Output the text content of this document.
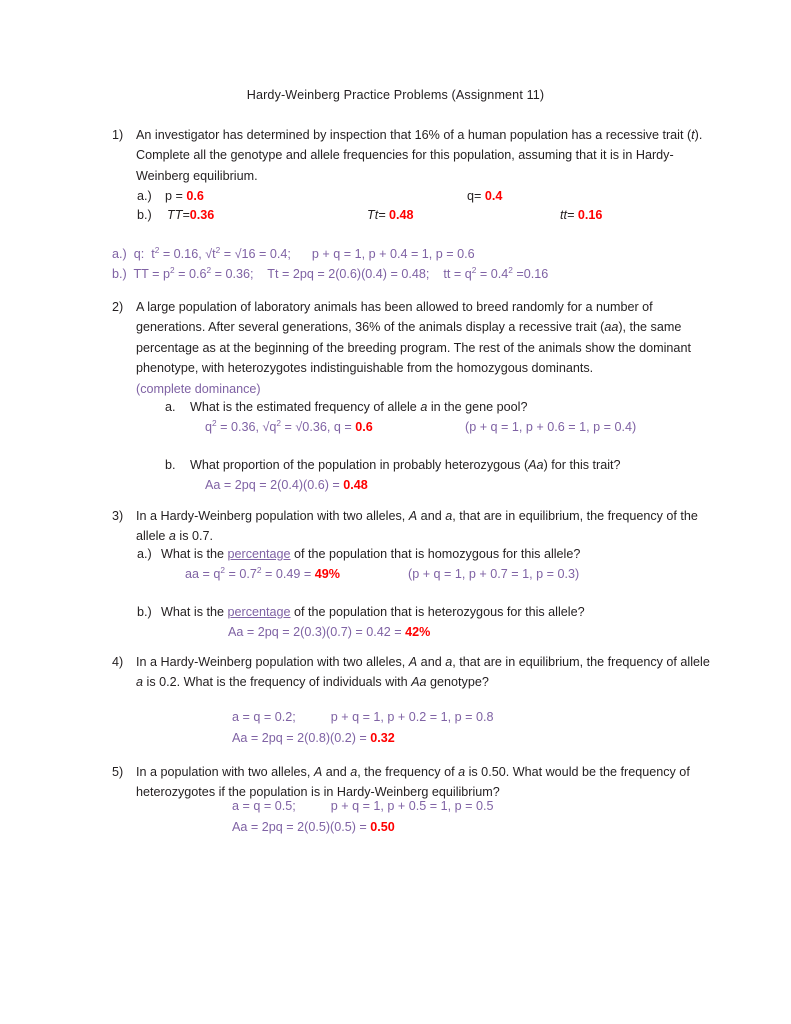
Hardy-Weinberg Practice Problems (Assignment 11)
1)	An investigator has determined by inspection that 16% of a human population has a recessive trait (t). Complete all the genotype and allele frequencies for this population, assuming that it is in Hardy-Weinberg equilibrium.
a.) p = 0.6	q= 0.4
b.) TT=0.36	Tt= 0.48	tt= 0.16
a.) q:  $t^2 = 0.16$, $√t^2 = √16 = 0.4$; p + q = 1, p + 0.4 = 1, p = 0.6
b.) TT = $p^2 = 0.6^2 = 0.36$; Tt = 2pq = 2(0.6)(0.4) = 0.48; tt = $q^2 = 0.4^2 =0.16$
2)	A large population of laboratory animals has been allowed to breed randomly for a number of generations. After several generations, 36% of the animals display a recessive trait (aa), the same percentage as at the beginning of the breeding program. The rest of the animals show the dominant phenotype, with heterozygotes indistinguishable from the homozygous dominants.
(complete dominance)
a. What is the estimated frequency of allele a in the gene pool?
$q^2 = 0.36$, $√q^2 = √0.36$, q = 0.6	(p + q = 1, p + 0.6 = 1, p = 0.4)
b. What proportion of the population in probably heterozygous (Aa) for this trait?
Aa = 2pq = 2(0.4)(0.6) = 0.48
3)	In a Hardy-Weinberg population with two alleles, A and a, that are in equilibrium, the frequency of the allele a is 0.7.
a.) What is the percentage of the population that is homozygous for this allele?
aa = $q^2 = 0.7^2 = 0.49 = 49\%$	(p + q = 1, p + 0.7 = 1, p = 0.3)
b.) What is the percentage of the population that is heterozygous for this allele?
Aa = 2pq = 2(0.3)(0.7) = 0.42 = 42%
4)	In a Hardy-Weinberg population with two alleles, A and a, that are in equilibrium, the frequency of allele a is 0.2. What is the frequency of individuals with Aa genotype?
a = q = 0.2;          p + q = 1, p + 0.2 = 1, p = 0.8
Aa = 2pq = 2(0.8)(0.2) = 0.32
5)	In a population with two alleles, A and a, the frequency of a is 0.50. What would be the frequency of heterozygotes if the population is in Hardy-Weinberg equilibrium?
a = q = 0.5;          p + q = 1, p + 0.5 = 1, p = 0.5
Aa = 2pq = 2(0.5)(0.5) = 0.50
